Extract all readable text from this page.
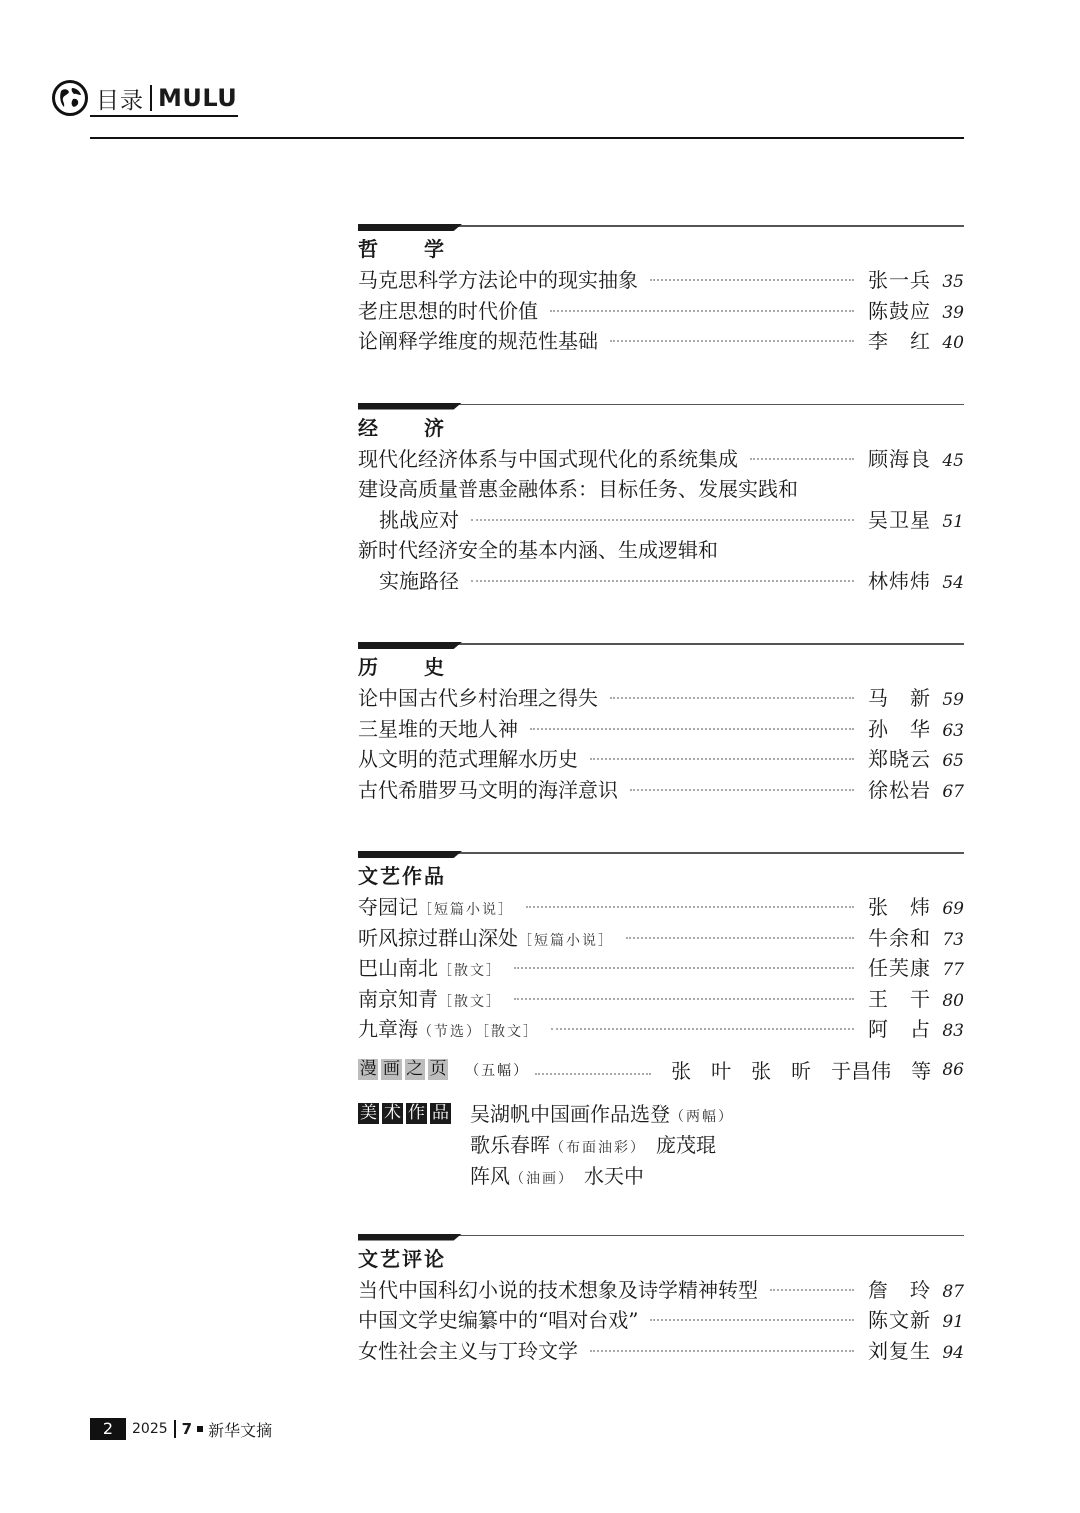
目录 MULU
哲　　学
马克思科学方法论中的现实抽象	张一兵 35
老庄思想的时代价值	陈鼓应 39
论阐释学维度的规范性基础	李　红 40
经　　济
现代化经济体系与中国式现代化的系统集成	顾海良 45
建设高质量普惠金融体系：目标任务、发展实践和
挑战应对	吴卫星 51
新时代经济安全的基本内涵、生成逻辑和
实施路径	林炜炜 54
历　　史
论中国古代乡村治理之得失	马　新 59
三星堆的天地人神	孙　华 63
从文明的范式理解水历史	郑晓云 65
古代希腊罗马文明的海洋意识	徐松岩 67
文艺作品
夺园记 ［短篇小说］	张　炜 69
听风掠过群山深处 ［短篇小说］	牛余和 73
巴山南北 ［散文］	任芙康 77
南京知青 ［散文］	王　干 80
九章海 （节选）［散文］	阿　占 83
漫 画 之 页 （五幅）	张　叶　张　昕　于昌伟　等 86
美 术 作 品	吴湖帆中国画作品选登（两幅）
歌乐春晖（布面油彩） 庞茂琨
阵风（油画） 水天中
文艺评论
当代中国科幻小说的技术想象及诗学精神转型	詹　玲 87
中国文学史编纂中的“唱对台戏”	陈文新 91
女性社会主义与丁玲文学	刘复生 94
2	2025 7 新华文摘
